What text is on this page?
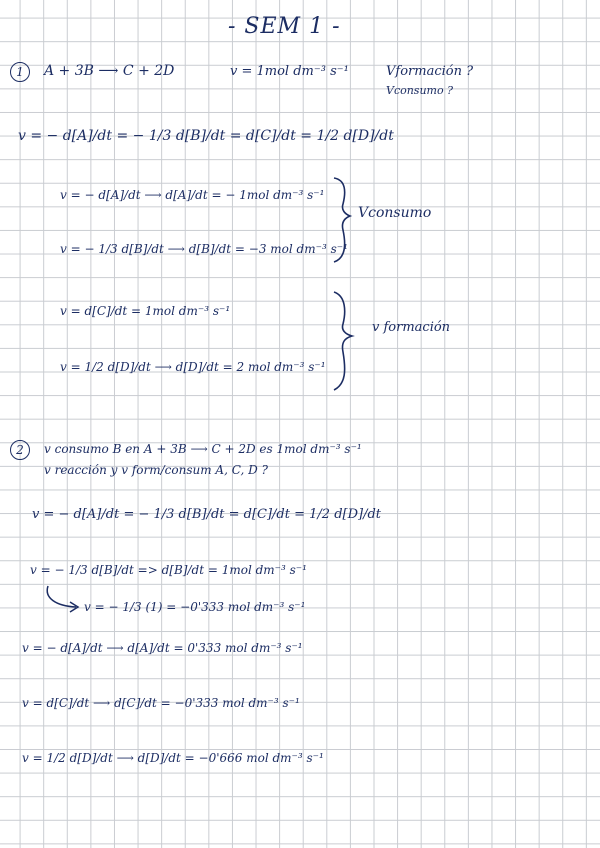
- SEM 1 -
1	A + 3B ⟶ C + 2D	v = 1mol dm⁻³ s⁻¹	Vformación ?
Vconsumo ?
v = − d[A]/dt = − 1/3 d[B]/dt = d[C]/dt = 1/2 d[D]/dt
v = − d[A]/dt ⟶ d[A]/dt = − 1mol dm⁻³ s⁻¹
v = − 1/3 d[B]/dt ⟶ d[B]/dt = −3 mol dm⁻³ s⁻¹
Vconsumo
v = d[C]/dt = 1mol dm⁻³ s⁻¹
v = 1/2 d[D]/dt ⟶ d[D]/dt = 2 mol dm⁻³ s⁻¹
v formación
2	v consumo B en A + 3B ⟶ C + 2D es 1mol dm⁻³ s⁻¹
v reacción y v form/consum A, C, D ?
v = − d[A]/dt = − 1/3 d[B]/dt = d[C]/dt = 1/2 d[D]/dt
v = − 1/3 d[B]/dt => d[B]/dt = 1mol dm⁻³ s⁻¹
v = − 1/3 (1) = −0'333 mol dm⁻³ s⁻¹
v = − d[A]/dt ⟶ d[A]/dt = 0'333 mol dm⁻³ s⁻¹
v = d[C]/dt ⟶ d[C]/dt = −0'333 mol dm⁻³ s⁻¹
v = 1/2 d[D]/dt ⟶ d[D]/dt = −0'666 mol dm⁻³ s⁻¹
